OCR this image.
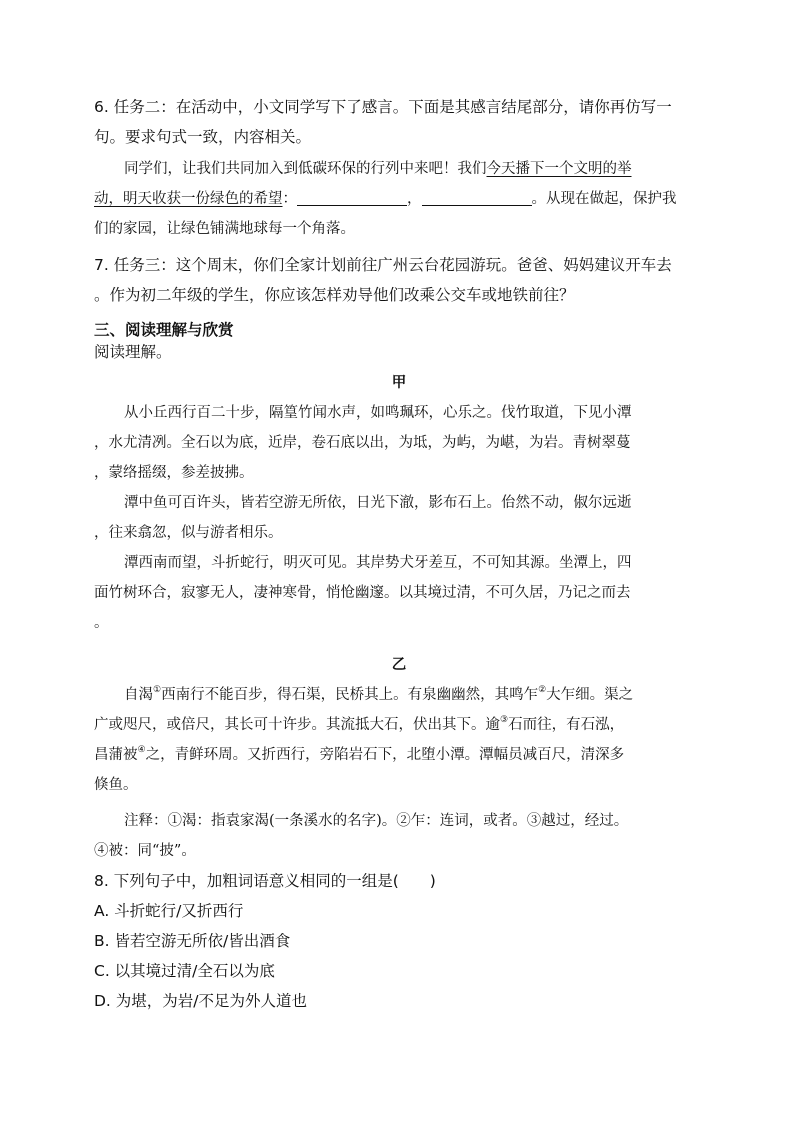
6. 任务二：在活动中，小文同学写下了感言。下面是其感言结尾部分，请你再仿写一
句。要求句式一致，内容相关。
同学们，让我们共同加入到低碳环保的行列中来吧！我们今天播下一个文明的举
动，明天收获一份绿色的希望：	，	。从现在做起，保护我
们的家园，让绿色铺满地球每一个角落。
7. 任务三：这个周末，你们全家计划前往广州云台花园游玩。爸爸、妈妈建议开车去
。作为初二年级的学生，你应该怎样劝导他们改乘公交车或地铁前往？
三、阅读理解与欣赏
阅读理解。
甲
从小丘西行百二十步，隔篁竹闻水声，如鸣珮环，心乐之。伐竹取道，下见小潭
，水尤清冽。全石以为底，近岸，卷石底以出，为坻，为屿，为嵁，为岩。青树翠蔓
，蒙络摇缀，参差披拂。
潭中鱼可百许头，皆若空游无所依，日光下澈，影布石上。佁然不动，俶尔远逝
，往来翕忽，似与游者相乐。
潭西南而望，斗折蛇行，明灭可见。其岸势犬牙差互，不可知其源。坐潭上，四
面竹树环合，寂寥无人，凄神寒骨，悄怆幽邃。以其境过清，不可久居，乃记之而去
。
乙
自渴①西南行不能百步，得石渠，民桥其上。有泉幽幽然，其鸣乍②大乍细。渠之
广或咫尺，或倍尺，其长可十许步。其流抵大石，伏出其下。逾③石而往，有石泓，
昌蒲被④之，青鲜环周。又折西行，旁陷岩石下，北堕小潭。潭幅员减百尺，清深多
倏鱼。
注释：①渴：指袁家渴(一条溪水的名字)。②乍：连词，或者。③越过，经过。
④被：同“披”。
8. 下列句子中，加粗词语意义相同的一组是(　　)
A. 斗折蛇行/又折西行
B. 皆若空游无所依/皆出酒食
C. 以其境过清/全石以为底
D. 为堪，为岩/不足为外人道也
